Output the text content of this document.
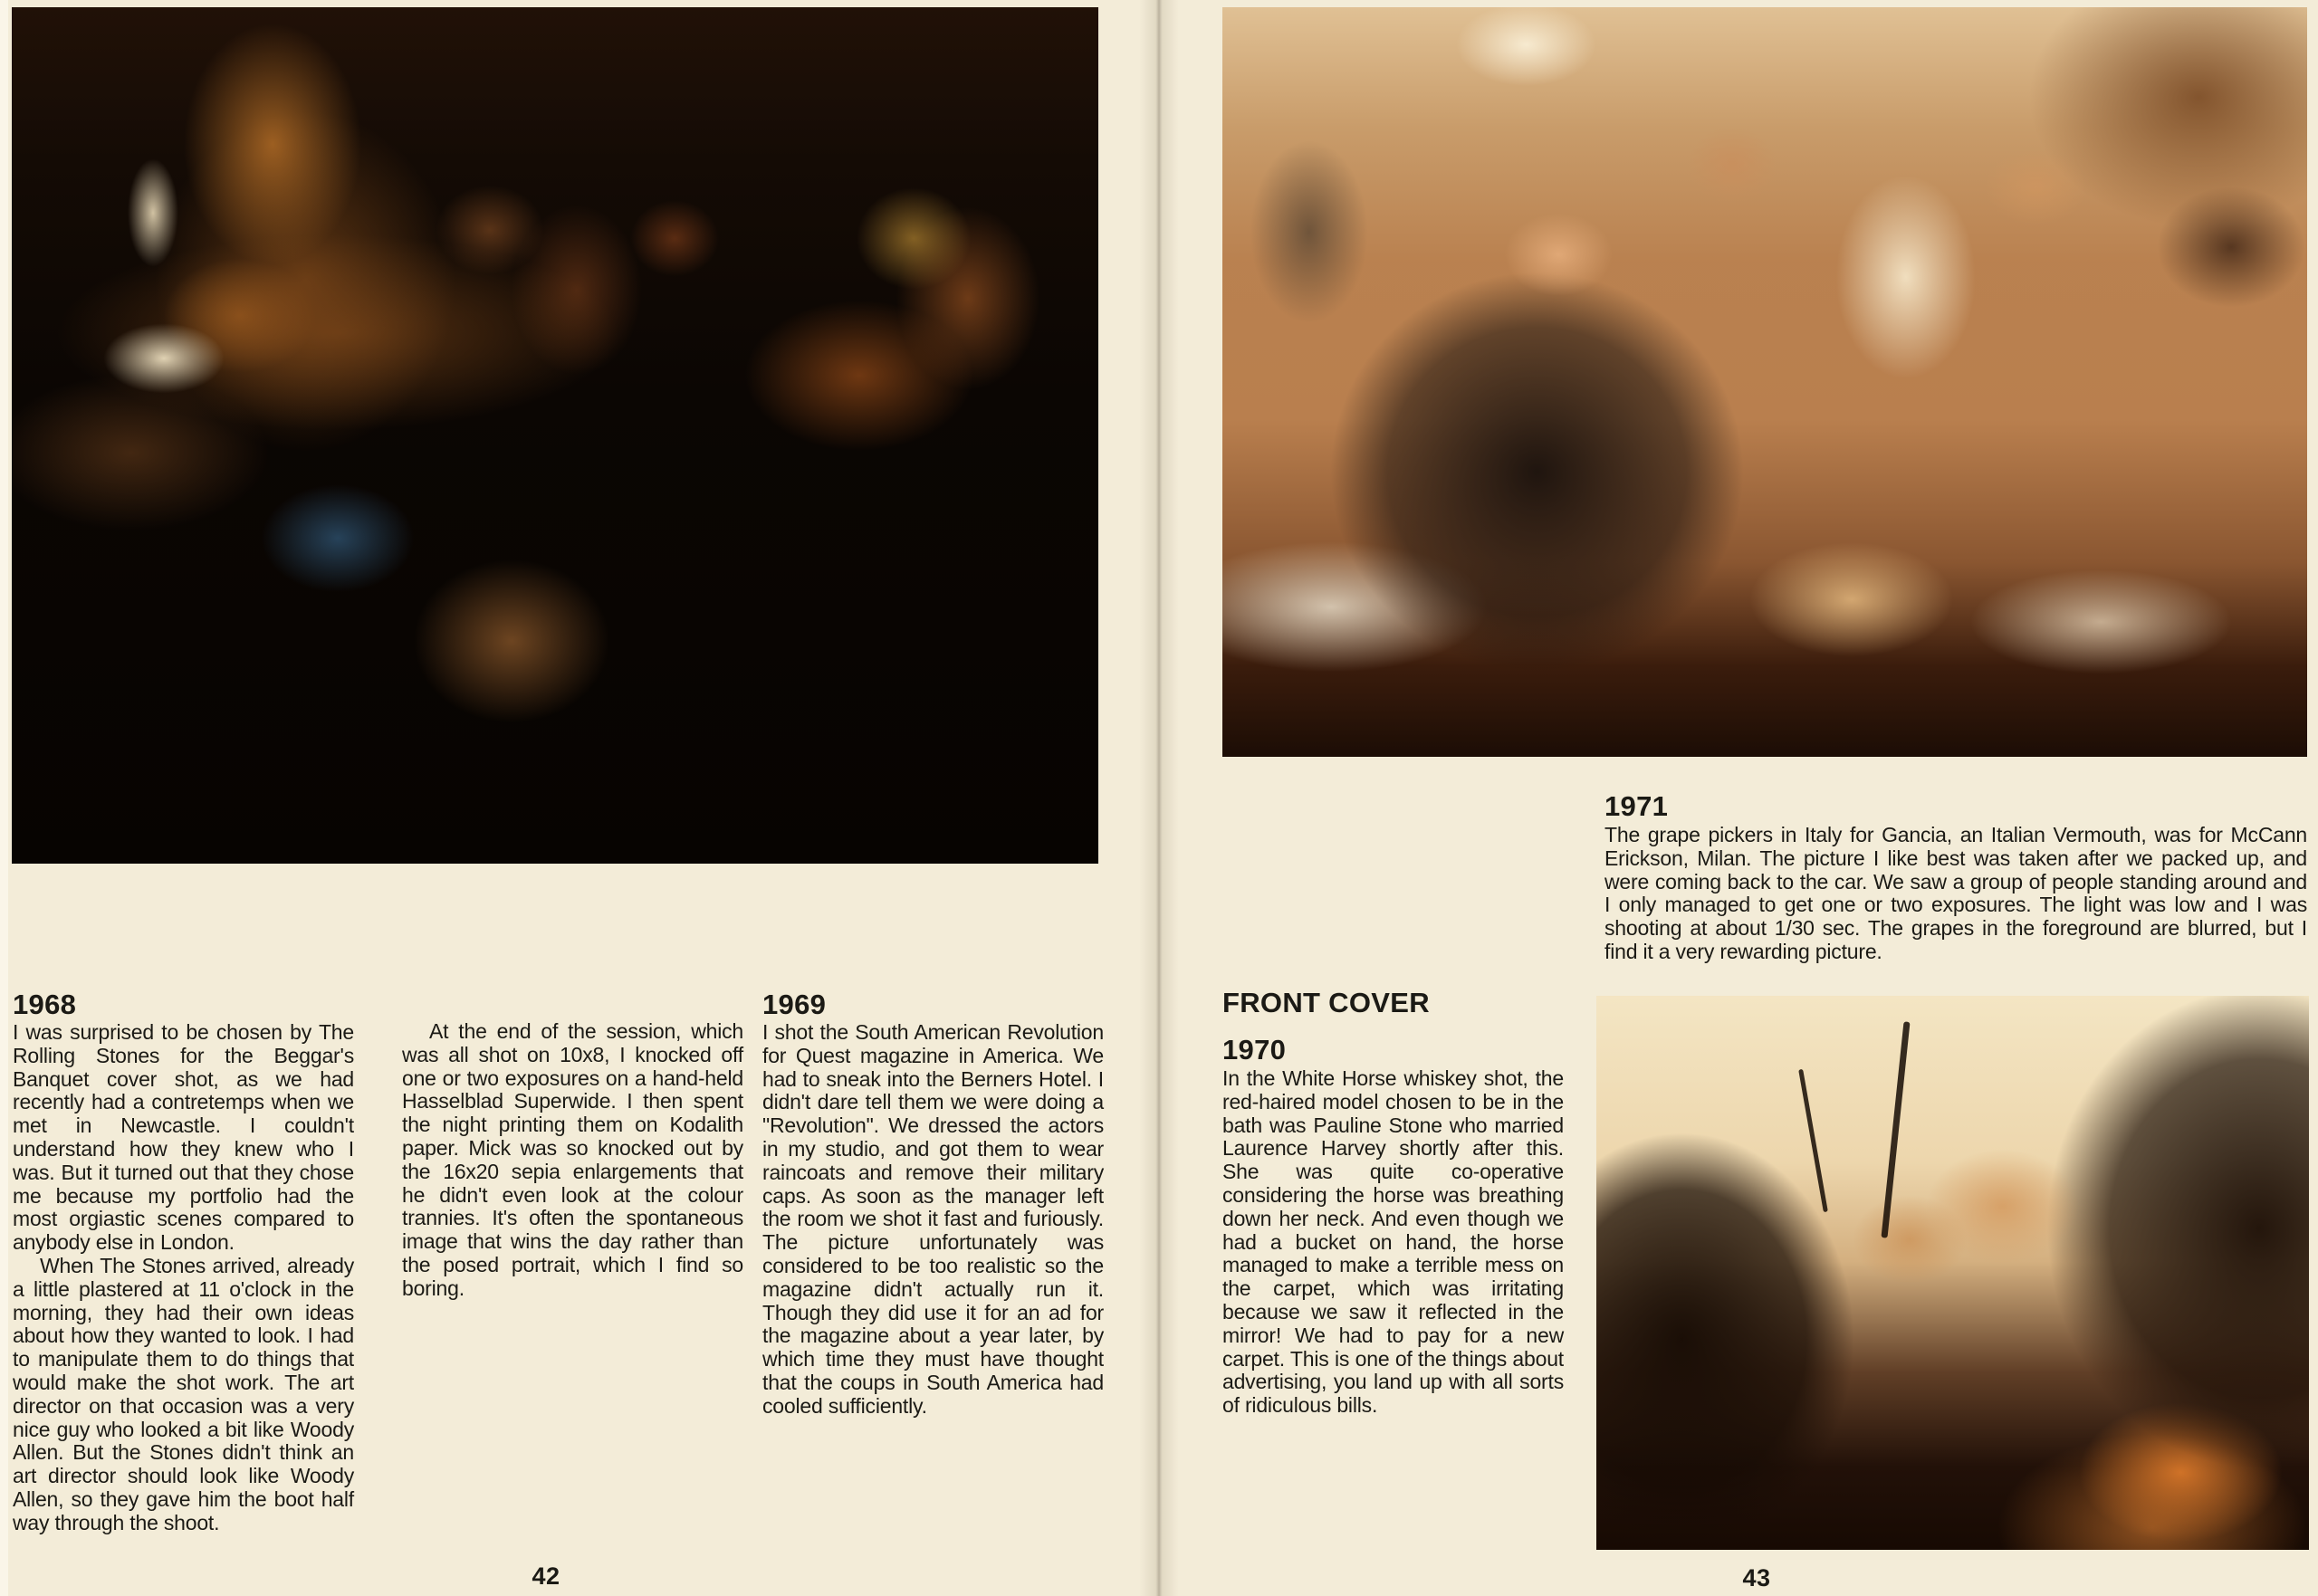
1968

I was surprised to be chosen by The Rolling Stones for the Beggar's Banquet cover shot, as we had recently had a contretemps when we met in Newcastle. I couldn't understand how they knew who I was. But it turned out that they chose me because my portfolio had the most orgiastic scenes compared to anybody else in London.

When The Stones arrived, already a little plastered at 11 o'clock in the morning, they had their own ideas about how they wanted to look. I had to manipulate them to do things that would make the shot work. The art director on that occasion was a very nice guy who looked a bit like Woody Allen. But the Stones didn't think an art director should look like Woody Allen, so they gave him the boot half way through the shoot.

At the end of the session, which was all shot on 10x8, I knocked off one or two exposures on a hand-held Hasselblad Superwide. I then spent the night printing them on Kodalith paper. Mick was so knocked out by the 16x20 sepia enlargements that he didn't even look at the colour trannies. It's often the spontaneous image that wins the day rather than the posed portrait, which I find so boring.

1969

I shot the South American Revolution for Quest magazine in America. We had to sneak into the Berners Hotel. I didn't dare tell them we were doing a "Revolution". We dressed the actors in my studio, and got them to wear raincoats and remove their military caps. As soon as the manager left the room we shot it fast and furiously. The picture unfortunately was considered to be too realistic so the magazine didn't actually run it. Though they did use it for an ad for the magazine about a year later, by which time they must have thought that the coups in South America had cooled sufficiently.

42
1971

The grape pickers in Italy for Gancia, an Italian Vermouth, was for McCann Erickson, Milan. The picture I like best was taken after we packed up, and were coming back to the car. We saw a group of people standing around and I only managed to get one or two exposures. The light was low and I was shooting at about 1/30 sec. The grapes in the foreground are blurred, but I find it a very rewarding picture.

FRONT COVER
1970

In the White Horse whiskey shot, the red-haired model chosen to be in the bath was Pauline Stone who married Laurence Harvey shortly after this. She was quite co-operative considering the horse was breathing down her neck. And even though we had a bucket on hand, the horse managed to make a terrible mess on the carpet, which was irritating because we saw it reflected in the mirror! We had to pay for a new carpet. This is one of the things about advertising, you land up with all sorts of ridiculous bills.

43
